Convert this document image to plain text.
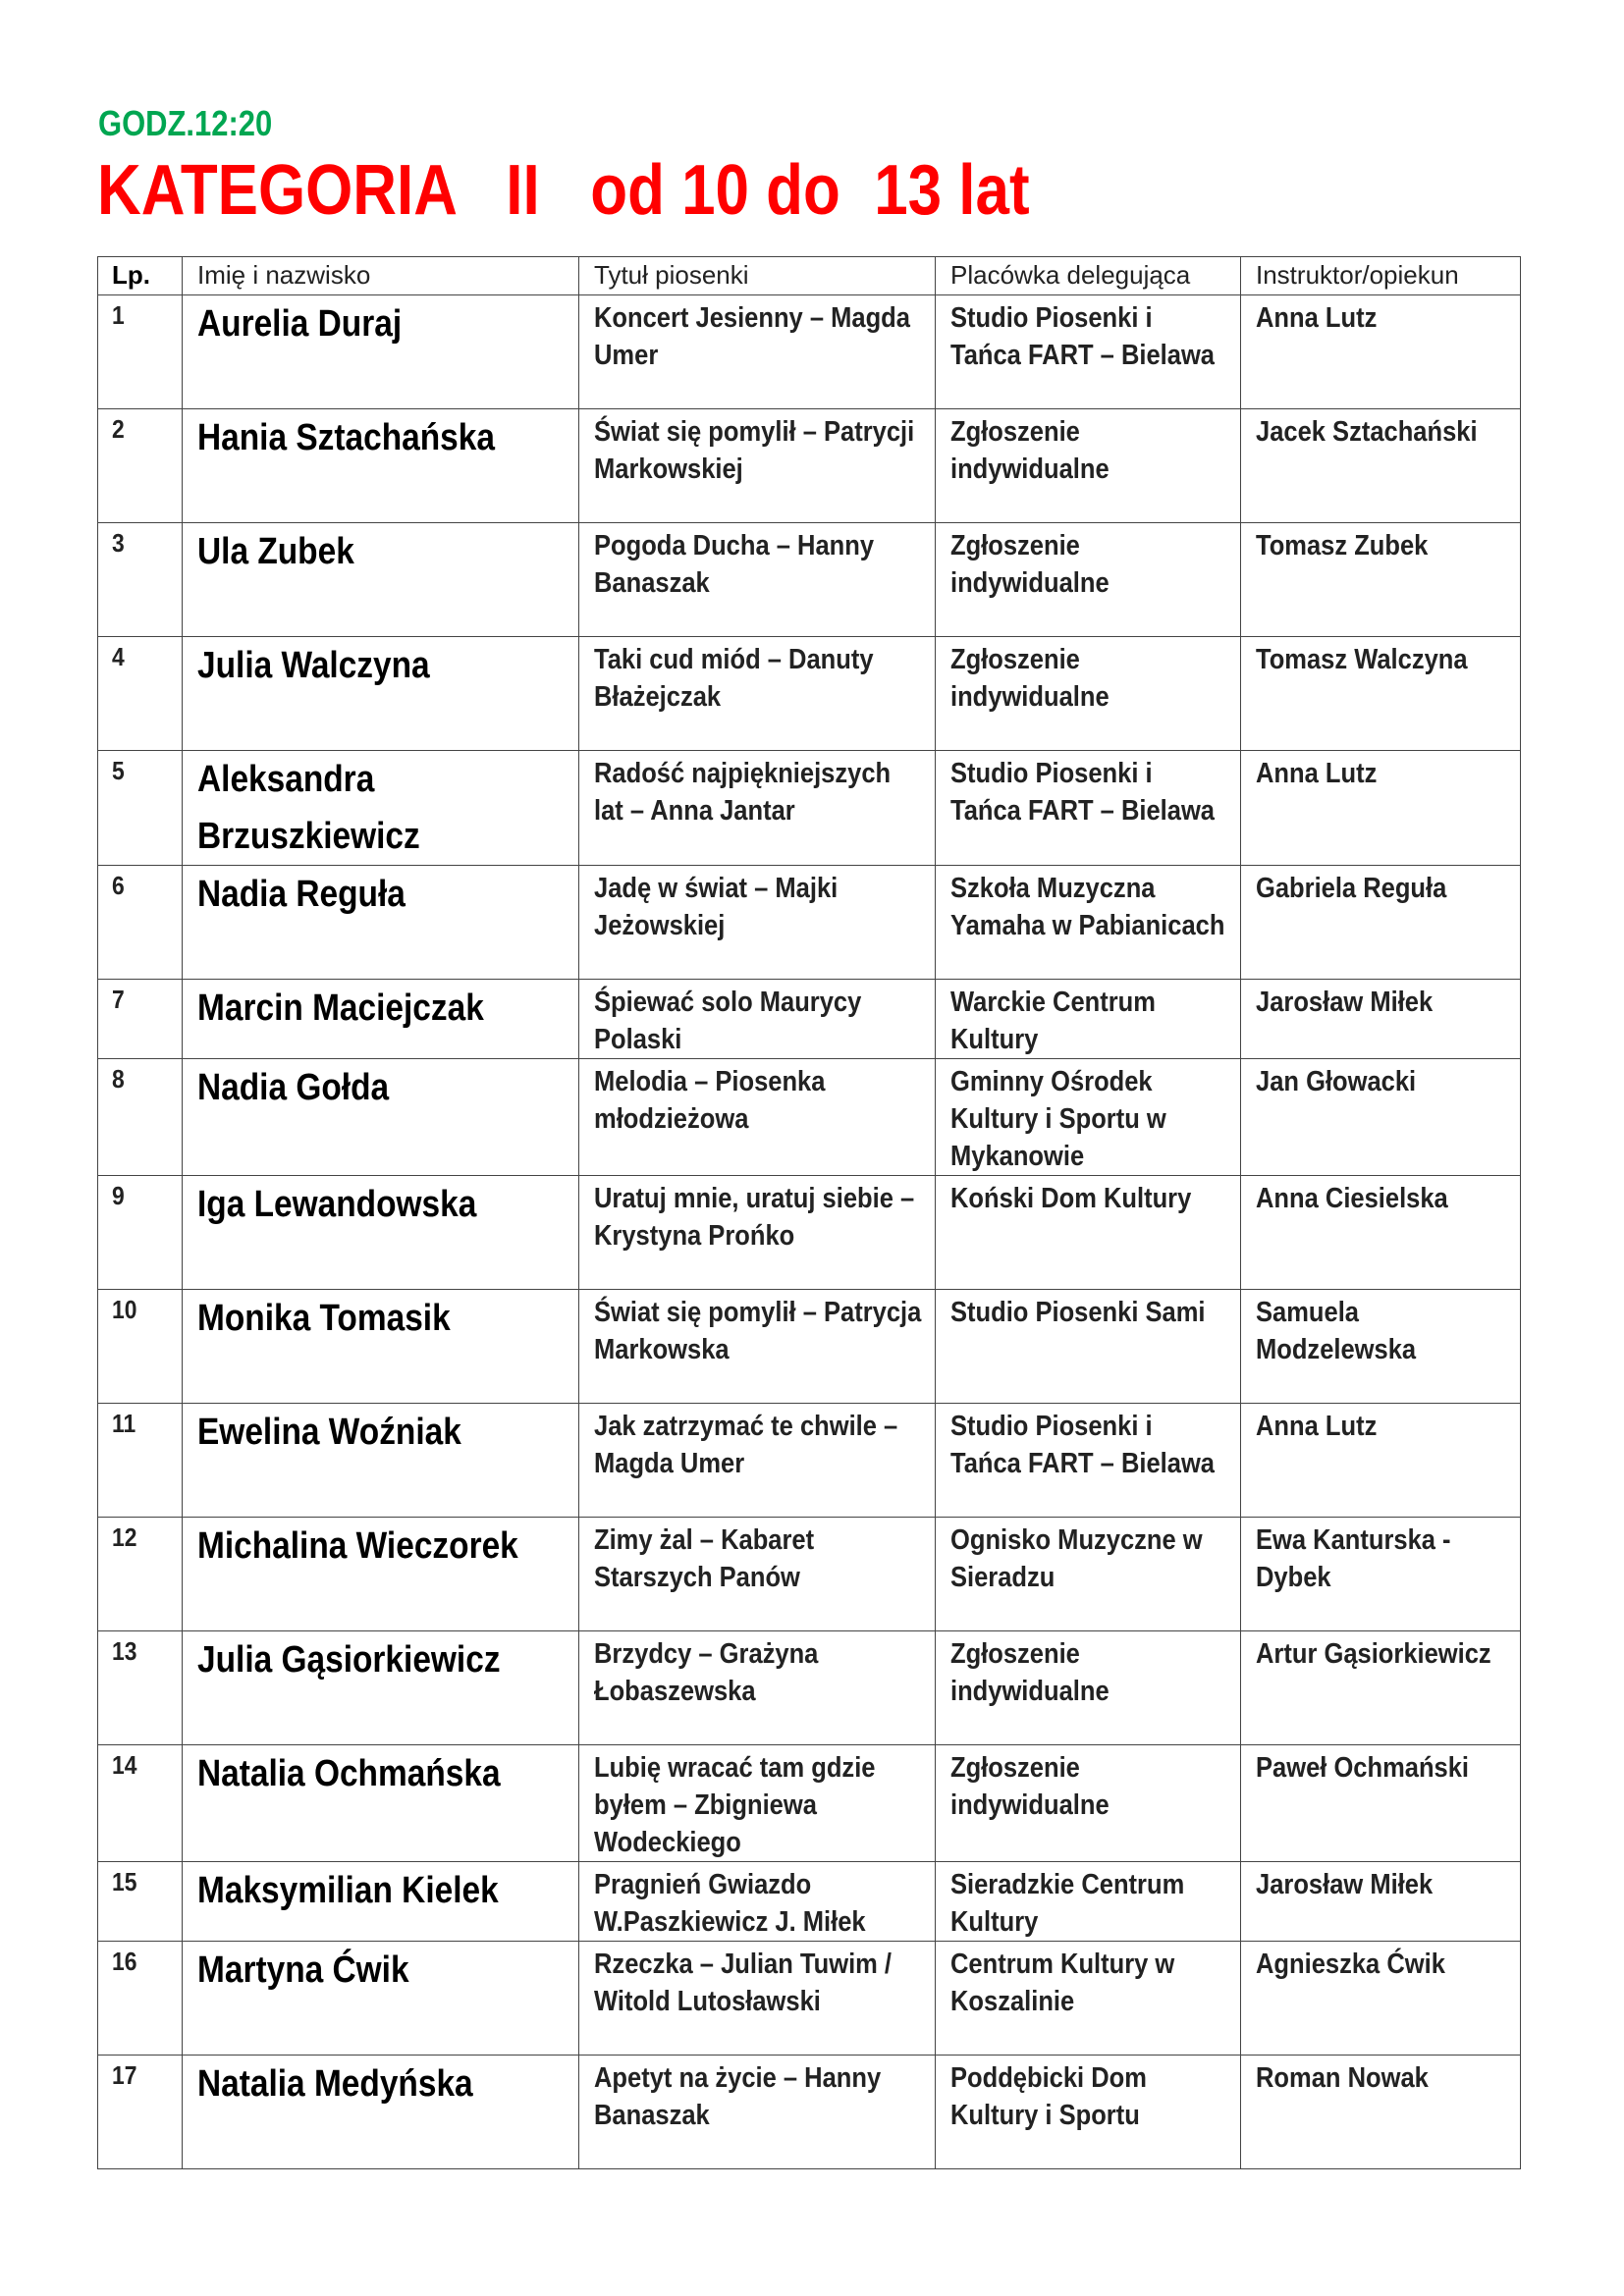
GODZ.12:20
KATEGORIA   II   od 10 do  13 lat
Lp.	Imię i nazwisko	Tytuł piosenki	Placówka delegująca	Instruktor/opiekun
1	Aurelia Duraj	Koncert Jesienny – Magda Umer	Studio Piosenki i Tańca FART – Bielawa	Anna Lutz
2	Hania Sztachańska	Świat się pomylił – Patrycji Markowskiej	Zgłoszenie indywidualne	Jacek Sztachański
3	Ula Zubek	Pogoda Ducha – Hanny Banaszak	Zgłoszenie indywidualne	Tomasz Zubek
4	Julia Walczyna	Taki cud miód – Danuty Błażejczak	Zgłoszenie indywidualne	Tomasz Walczyna
5	Aleksandra Brzuszkiewicz	Radość najpiękniejszych lat – Anna Jantar	Studio Piosenki i Tańca FART – Bielawa	Anna Lutz
6	Nadia Reguła	Jadę w świat – Majki Jeżowskiej	Szkoła Muzyczna Yamaha w Pabianicach	Gabriela Reguła
7	Marcin Maciejczak	Śpiewać solo Maurycy Polaski	Warckie Centrum Kultury	Jarosław Miłek
8	Nadia Gołda	Melodia – Piosenka młodzieżowa	Gminny Ośrodek Kultury i Sportu w Mykanowie	Jan Głowacki
9	Iga Lewandowska	Uratuj mnie, uratuj siebie – Krystyna Prońko	Koński Dom Kultury	Anna Ciesielska
10	Monika Tomasik	Świat się pomylił – Patrycja Markowska	Studio Piosenki Sami	Samuela Modzelewska
11	Ewelina Woźniak	Jak zatrzymać te chwile – Magda Umer	Studio Piosenki i Tańca FART – Bielawa	Anna Lutz
12	Michalina Wieczorek	Zimy żal – Kabaret Starszych Panów	Ognisko Muzyczne w Sieradzu	Ewa Kanturska - Dybek
13	Julia Gąsiorkiewicz	Brzydcy – Grażyna Łobaszewska	Zgłoszenie indywidualne	Artur Gąsiorkiewicz
14	Natalia Ochmańska	Lubię wracać tam gdzie byłem – Zbigniewa Wodeckiego	Zgłoszenie indywidualne	Paweł Ochmański
15	Maksymilian Kielek	Pragnień Gwiazdo W.Paszkiewicz J. Miłek	Sieradzkie Centrum Kultury	Jarosław Miłek
16	Martyna Ćwik	Rzeczka – Julian Tuwim / Witold Lutosławski	Centrum Kultury w Koszalinie	Agnieszka Ćwik
17	Natalia Medyńska	Apetyt na życie – Hanny Banaszak	Poddębicki Dom Kultury i Sportu	Roman Nowak
